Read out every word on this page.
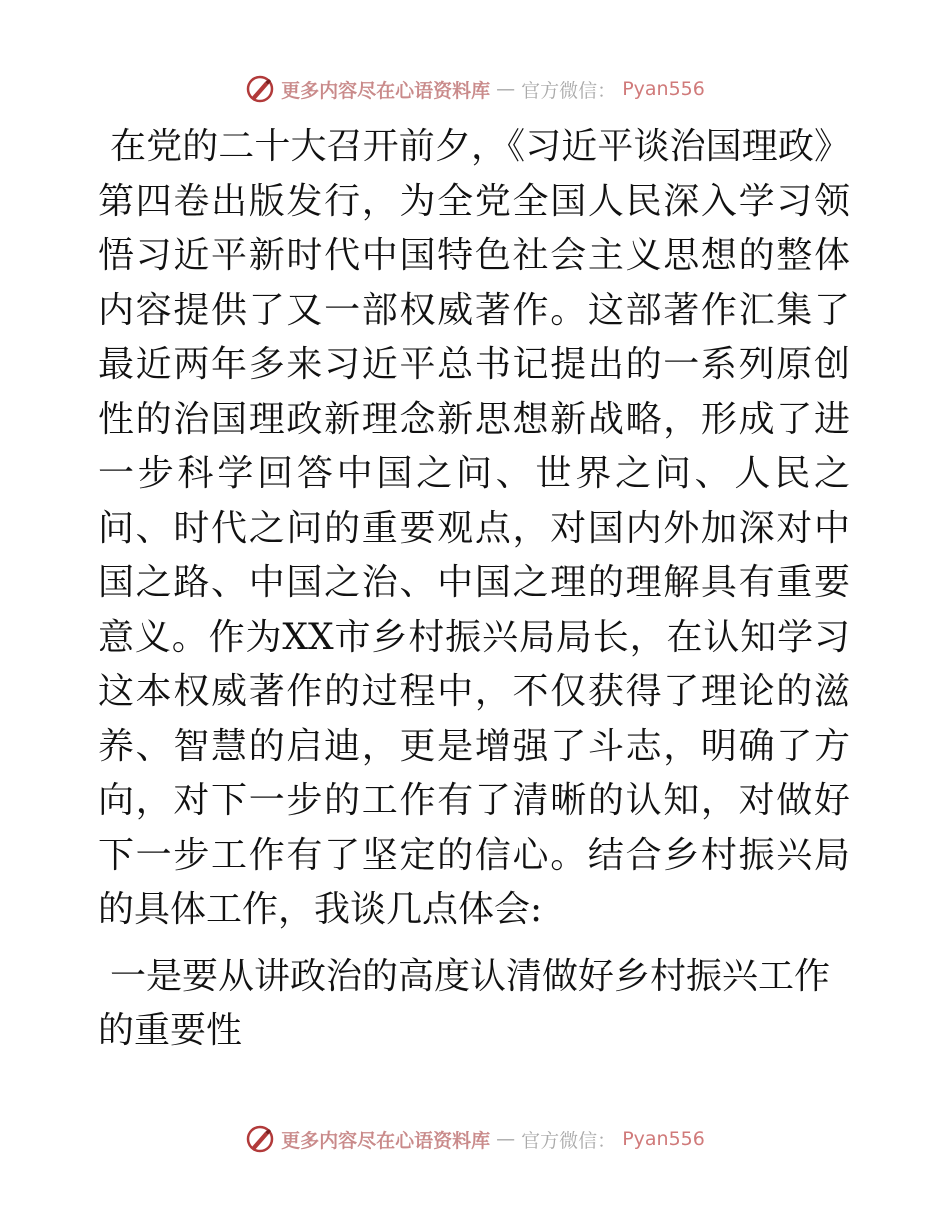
更多内容尽在心语资料库 — 官方微信： Pyan556

在党的二十大召开前夕，《习近平谈治国理政》第四卷出版发行，为全党全国人民深入学习领悟习近平新时代中国特色社会主义思想的整体内容提供了又一部权威著作。这部著作汇集了最近两年多来习近平总书记提出的一系列原创性的治国理政新理念新思想新战略，形成了进一步科学回答中国之问、世界之问、人民之问、时代之问的重要观点，对国内外加深对中国之路、中国之治、中国之理的理解具有重要意义。作为XX市乡村振兴局局长，在认知学习这本权威著作的过程中，不仅获得了理论的滋养、智慧的启迪，更是增强了斗志，明确了方向，对下一步的工作有了清晰的认知，对做好下一步工作有了坚定的信心。结合乡村振兴局的具体工作，我谈几点体会:

一是要从讲政治的高度认清做好乡村振兴工作的重要性

更多内容尽在心语资料库 — 官方微信： Pyan556
